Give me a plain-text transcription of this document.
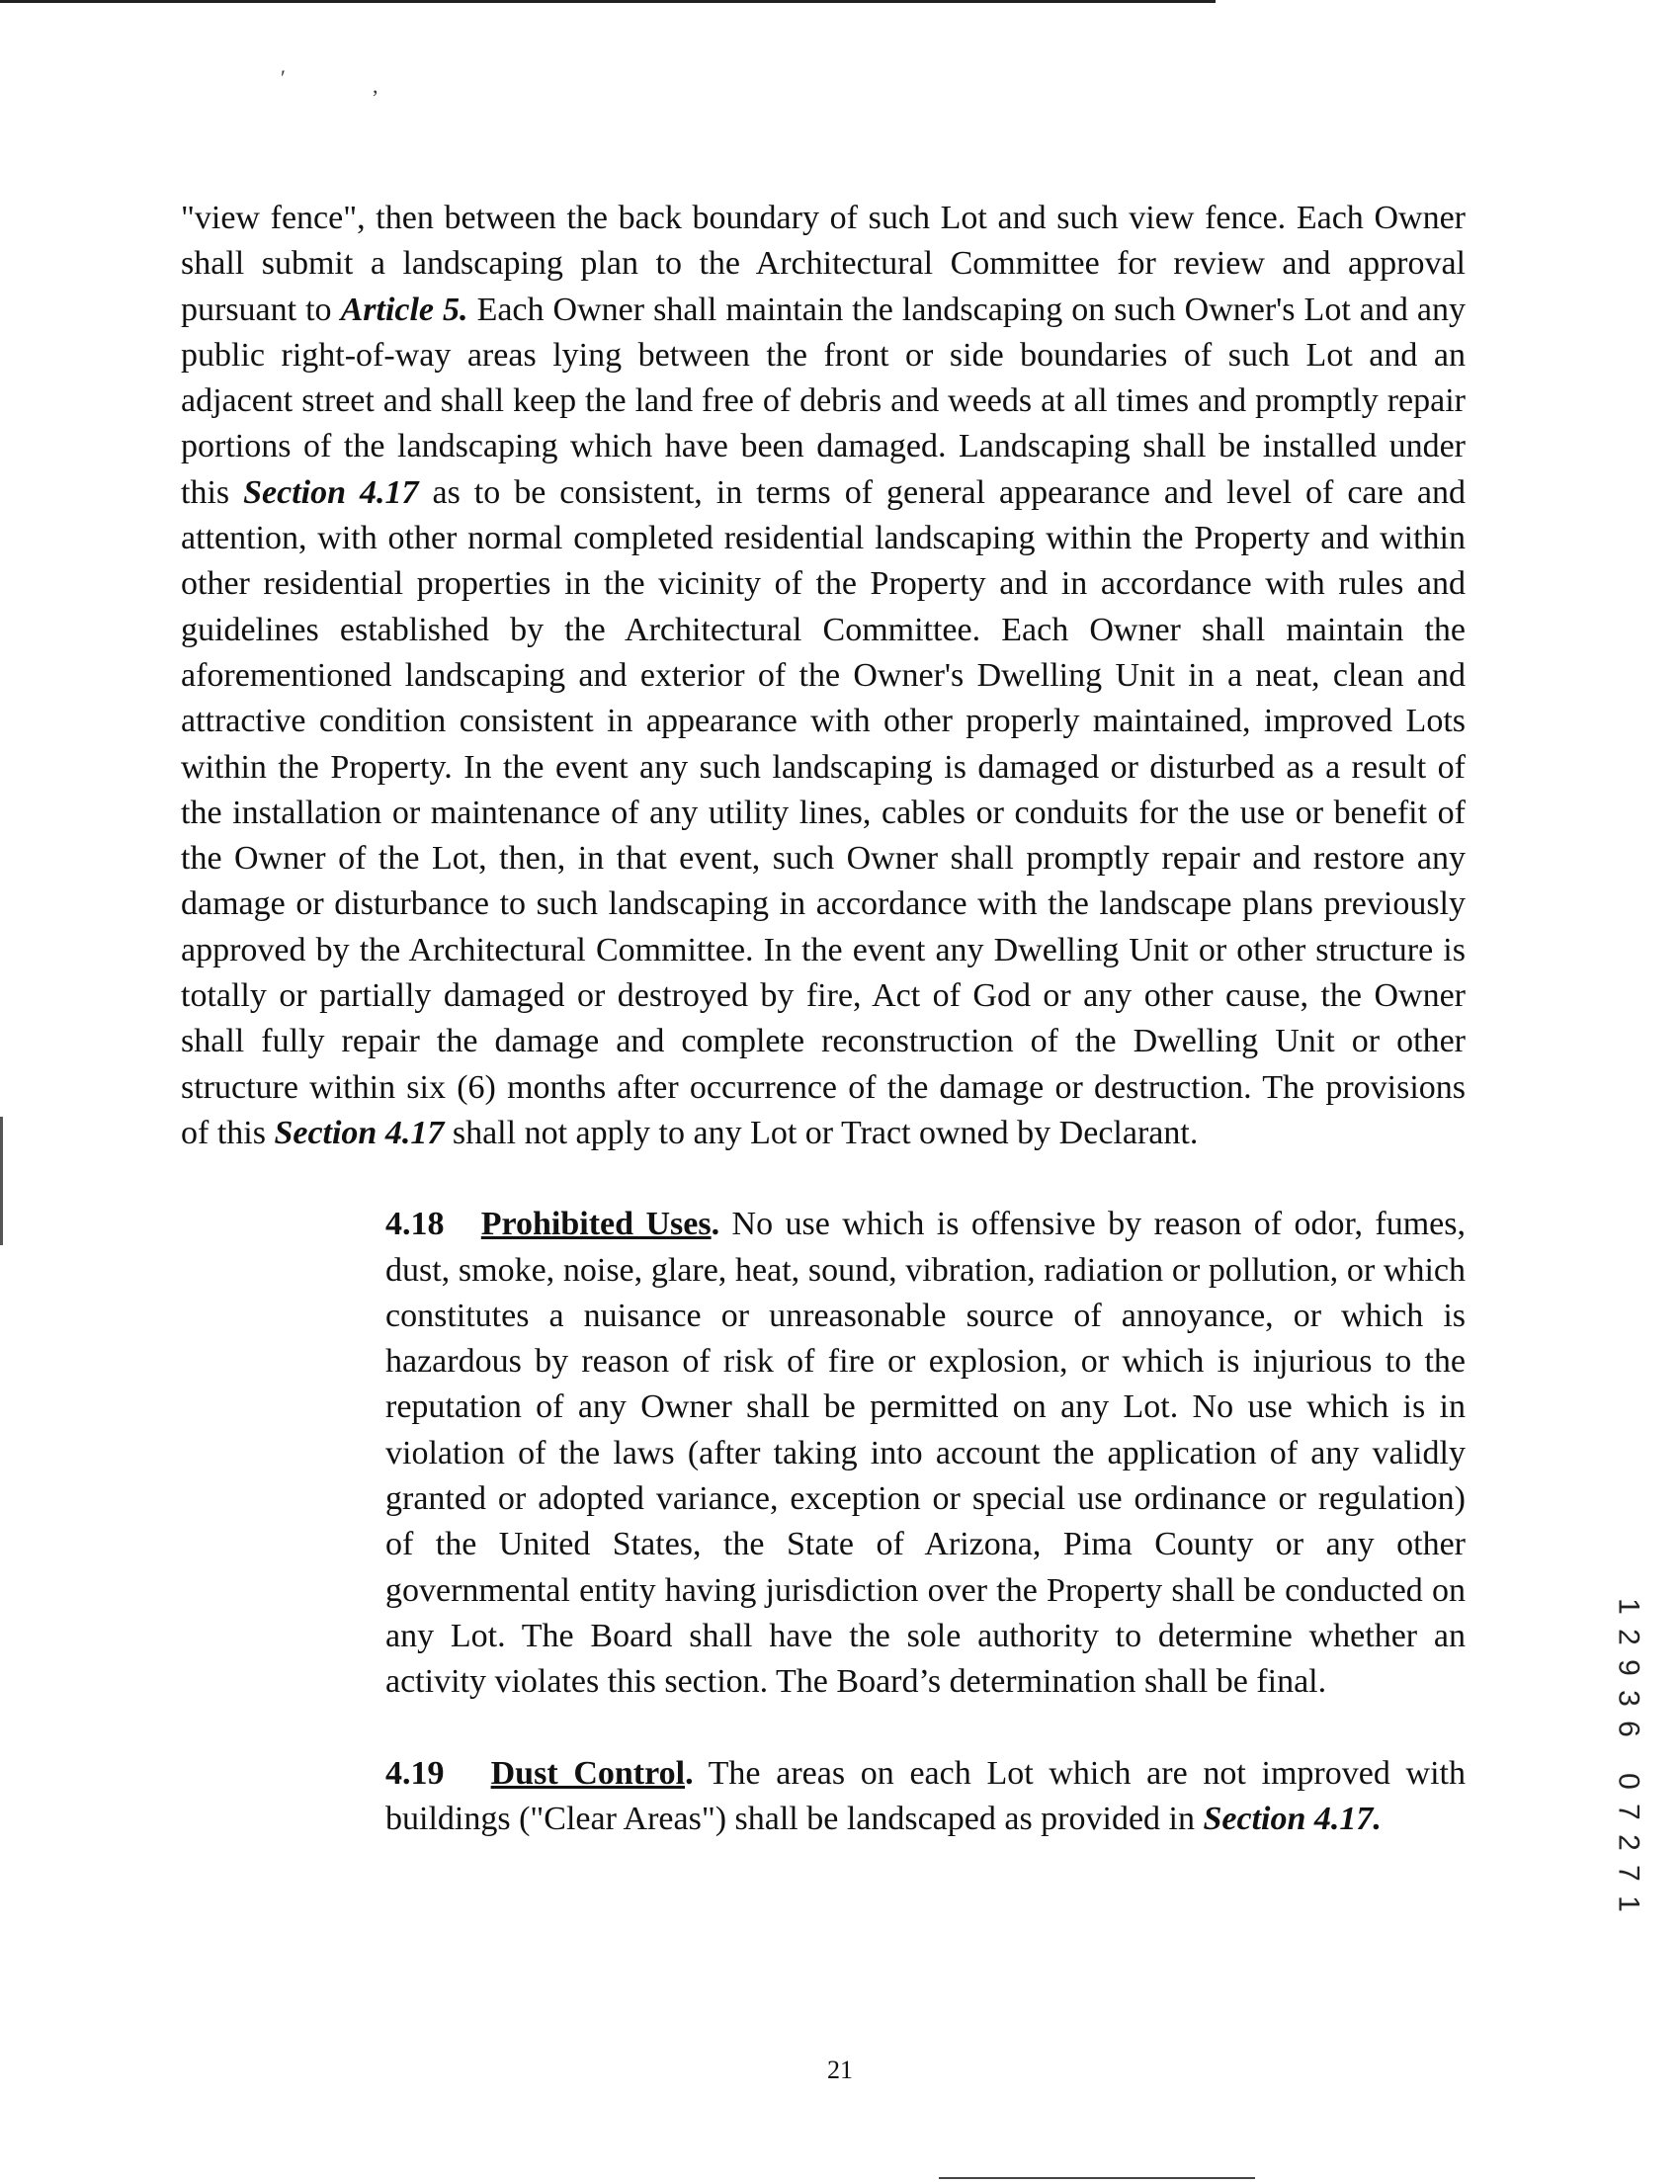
′	,

"view fence", then between the back boundary of such Lot and such view fence. Each Owner shall submit a landscaping plan to the Architectural Committee for review and approval pursuant to Article 5. Each Owner shall maintain the landscaping on such Owner's Lot and any public right-of-way areas lying between the front or side boundaries of such Lot and an adjacent street and shall keep the land free of debris and weeds at all times and promptly repair portions of the landscaping which have been damaged. Landscaping shall be installed under this Section 4.17 as to be consistent, in terms of general appearance and level of care and attention, with other normal completed residential landscaping within the Property and within other residential properties in the vicinity of the Property and in accordance with rules and guidelines established by the Architectural Committee. Each Owner shall maintain the aforementioned landscaping and exterior of the Owner's Dwelling Unit in a neat, clean and attractive condition consistent in appearance with other properly maintained, improved Lots within the Property. In the event any such landscaping is damaged or disturbed as a result of the installation or maintenance of any utility lines, cables or conduits for the use or benefit of the Owner of the Lot, then, in that event, such Owner shall promptly repair and restore any damage or disturbance to such landscaping in accordance with the landscape plans previously approved by the Architectural Committee. In the event any Dwelling Unit or other structure is totally or partially damaged or destroyed by fire, Act of God or any other cause, the Owner shall fully repair the damage and complete reconstruction of the Dwelling Unit or other structure within six (6) months after occurrence of the damage or destruction. The provisions of this Section 4.17 shall not apply to any Lot or Tract owned by Declarant.

4.18 Prohibited Uses. No use which is offensive by reason of odor, fumes, dust, smoke, noise, glare, heat, sound, vibration, radiation or pollution, or which constitutes a nuisance or unreasonable source of annoyance, or which is hazardous by reason of risk of fire or explosion, or which is injurious to the reputation of any Owner shall be permitted on any Lot. No use which is in violation of the laws (after taking into account the application of any validly granted or adopted variance, exception or special use ordinance or regulation) of the United States, the State of Arizona, Pima County or any other governmental entity having jurisdiction over the Property shall be conducted on any Lot. The Board shall have the sole authority to determine whether an activity violates this section. The Board’s determination shall be final.

4.19 Dust Control. The areas on each Lot which are not improved with buildings ("Clear Areas") shall be landscaped as provided in Section 4.17.

1
2
9
3
6
0
7
2
7
1
21
